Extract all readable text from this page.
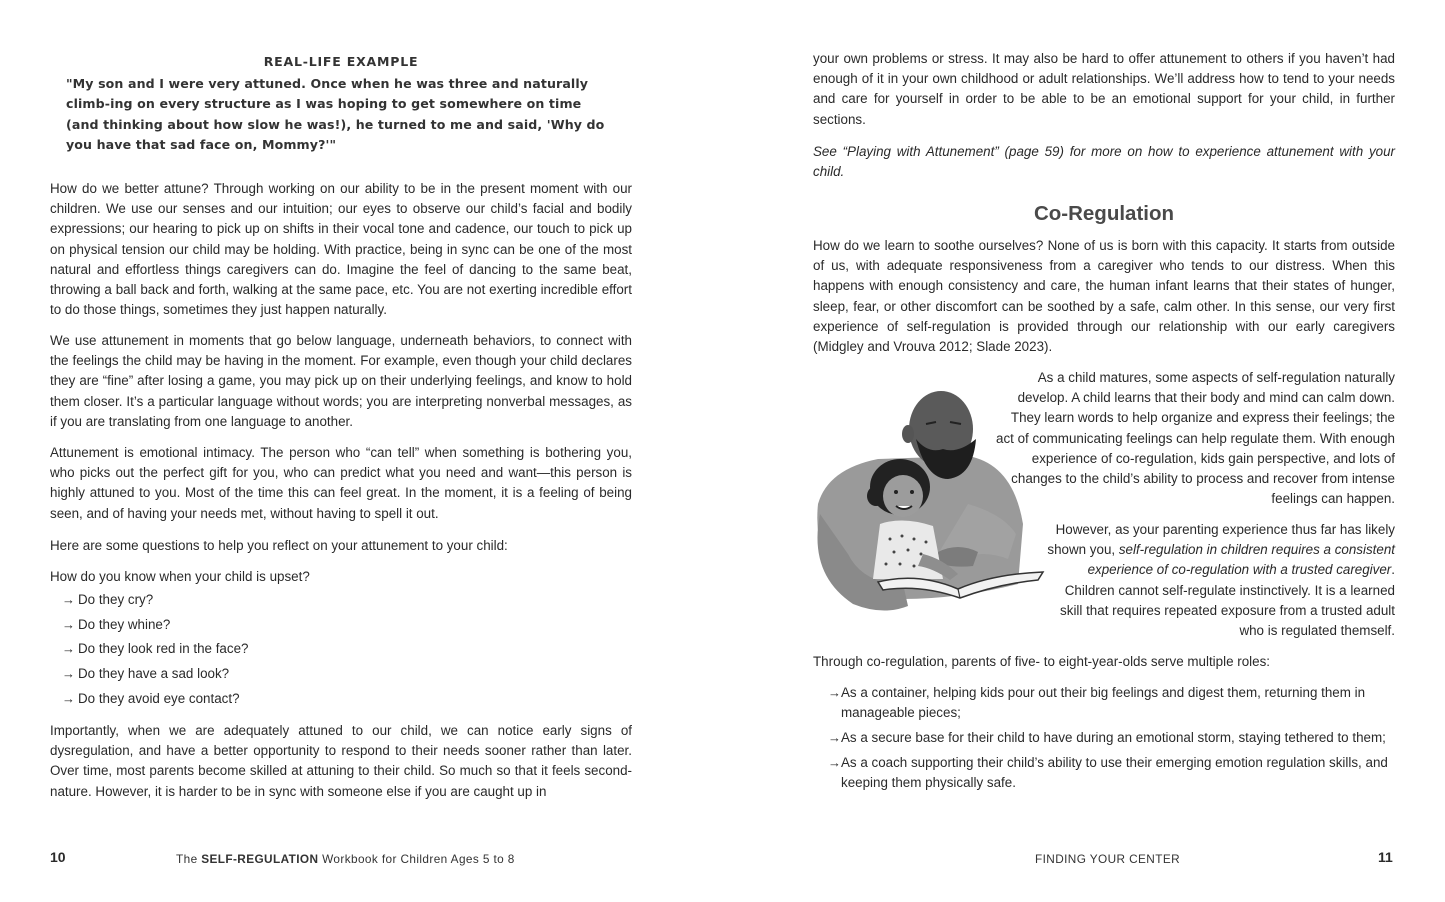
REAL-LIFE EXAMPLE

"My son and I were very attuned. Once when he was three and naturally climb-ing on every structure as I was hoping to get somewhere on time (and thinking about how slow he was!), he turned to me and said, 'Why do you have that sad face on, Mommy?'"

How do we better attune? Through working on our ability to be in the present moment with our children. We use our senses and our intuition; our eyes to observe our child’s facial and bodily expressions; our hearing to pick up on shifts in their vocal tone and cadence, our touch to pick up on physical tension our child may be holding. With practice, being in sync can be one of the most natural and effortless things caregivers can do. Imagine the feel of dancing to the same beat, throwing a ball back and forth, walking at the same pace, etc. You are not exerting incredible effort to do those things, sometimes they just happen naturally.

We use attunement in moments that go below language, underneath behaviors, to connect with the feelings the child may be having in the moment. For example, even though your child declares they are “fine” after losing a game, you may pick up on their underlying feelings, and know to hold them closer. It’s a particular language without words; you are interpreting nonverbal messages, as if you are translating from one language to another.

Attunement is emotional intimacy. The person who “can tell” when something is bothering you, who picks out the perfect gift for you, who can predict what you need and want—this person is highly attuned to you. Most of the time this can feel great. In the moment, it is a feeling of being seen, and of having your needs met, without having to spell it out.

Here are some questions to help you reflect on your attunement to your child:

How do you know when your child is upset?

→ Do they cry?
→ Do they whine?
→ Do they look red in the face?
→ Do they have a sad look?
→ Do they avoid eye contact?

Importantly, when we are adequately attuned to our child, we can notice early signs of dysregulation, and have a better opportunity to respond to their needs sooner rather than later. Over time, most parents become skilled at attuning to their child. So much so that it feels second-nature. However, it is harder to be in sync with someone else if you are caught up in

10	The SELF-REGULATION Workbook for Children Ages 5 to 8

your own problems or stress. It may also be hard to offer attunement to others if you haven’t had enough of it in your own childhood or adult relationships. We’ll address how to tend to your needs and care for yourself in order to be able to be an emotional support for your child, in further sections.

See “Playing with Attunement” (page 59) for more on how to experience attunement with your child.

Co-Regulation

How do we learn to soothe ourselves? None of us is born with this capacity. It starts from outside of us, with adequate responsiveness from a caregiver who tends to our distress. When this happens with enough consistency and care, the human infant learns that their states of hunger, sleep, fear, or other discomfort can be soothed by a safe, calm other. In this sense, our very first experience of self-regulation is provided through our relationship with our early caregivers (Midgley and Vrouva 2012; Slade 2023).

As a child matures, some aspects of self-regulation naturally develop. A child learns that their body and mind can calm down. They learn words to help organize and express their feelings; the act of communicating feelings can help regulate them. With enough experience of co-regulation, kids gain perspective, and lots of changes to the child’s ability to process and recover from intense feelings can happen.

However, as your parenting experience thus far has likely shown you, self-regulation in children requires a consistent experience of co-regulation with a trusted caregiver. Children cannot self-regulate instinctively. It is a learned skill that requires repeated exposure from a trusted adult who is regulated themself.

Through co-regulation, parents of five- to eight-year-olds serve multiple roles:

→ As a container, helping kids pour out their big feelings and digest them, returning them in manageable pieces;
→ As a secure base for their child to have during an emotional storm, staying tethered to them;
→ As a coach supporting their child’s ability to use their emerging emotion regulation skills, and keeping them physically safe.
FINDING YOUR CENTER	11
